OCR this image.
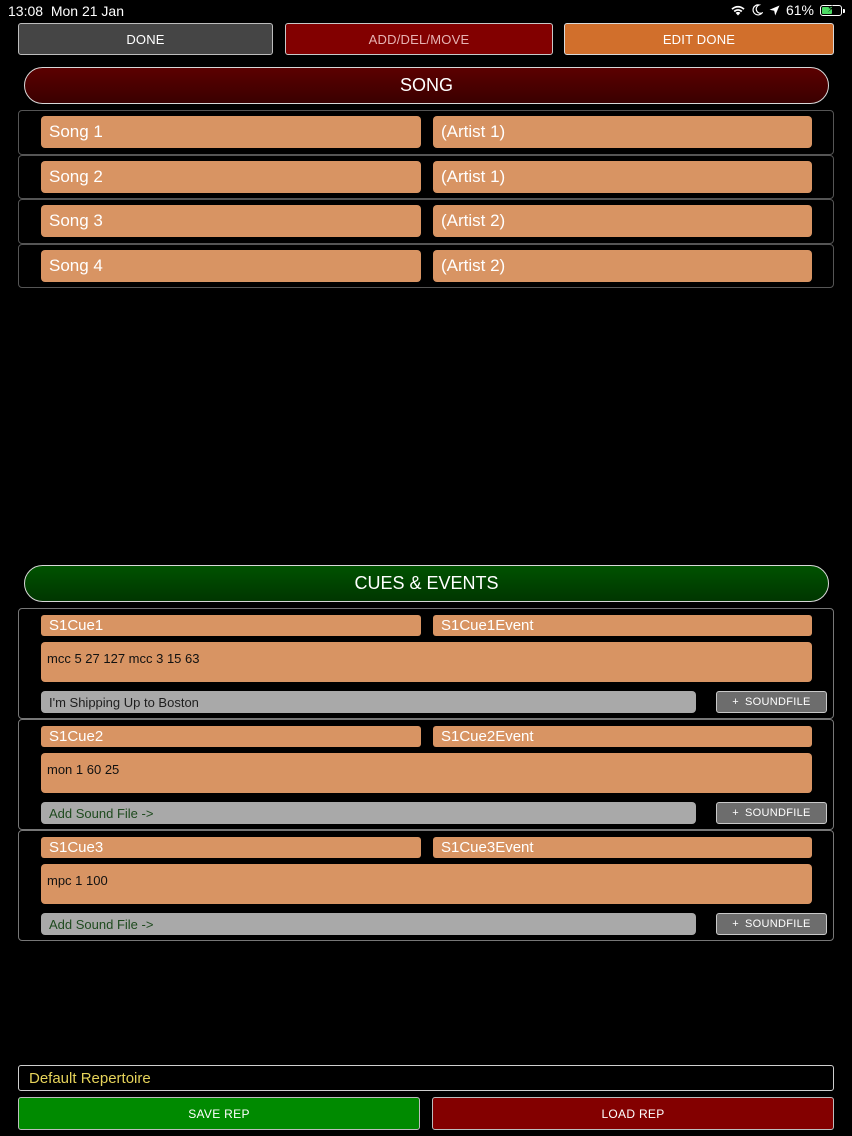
13:08 Mon 21 Jan	61% ⚡
DONE	ADD/DEL/MOVE	EDIT DONE
SONG
Song 1	(Artist 1)
Song 2	(Artist 1)
Song 3	(Artist 2)
Song 4	(Artist 2)
CUES & EVENTS
S1Cue1	S1Cue1Event
mcc 5 27 127 mcc 3 15 63
I'm Shipping Up to Boston	+ SOUNDFILE
S1Cue2	S1Cue2Event
mon 1 60 25
Add Sound File ->	+ SOUNDFILE
S1Cue3	S1Cue3Event
mpc 1 100
Add Sound File ->	+ SOUNDFILE
Default Repertoire
SAVE REP	LOAD REP
